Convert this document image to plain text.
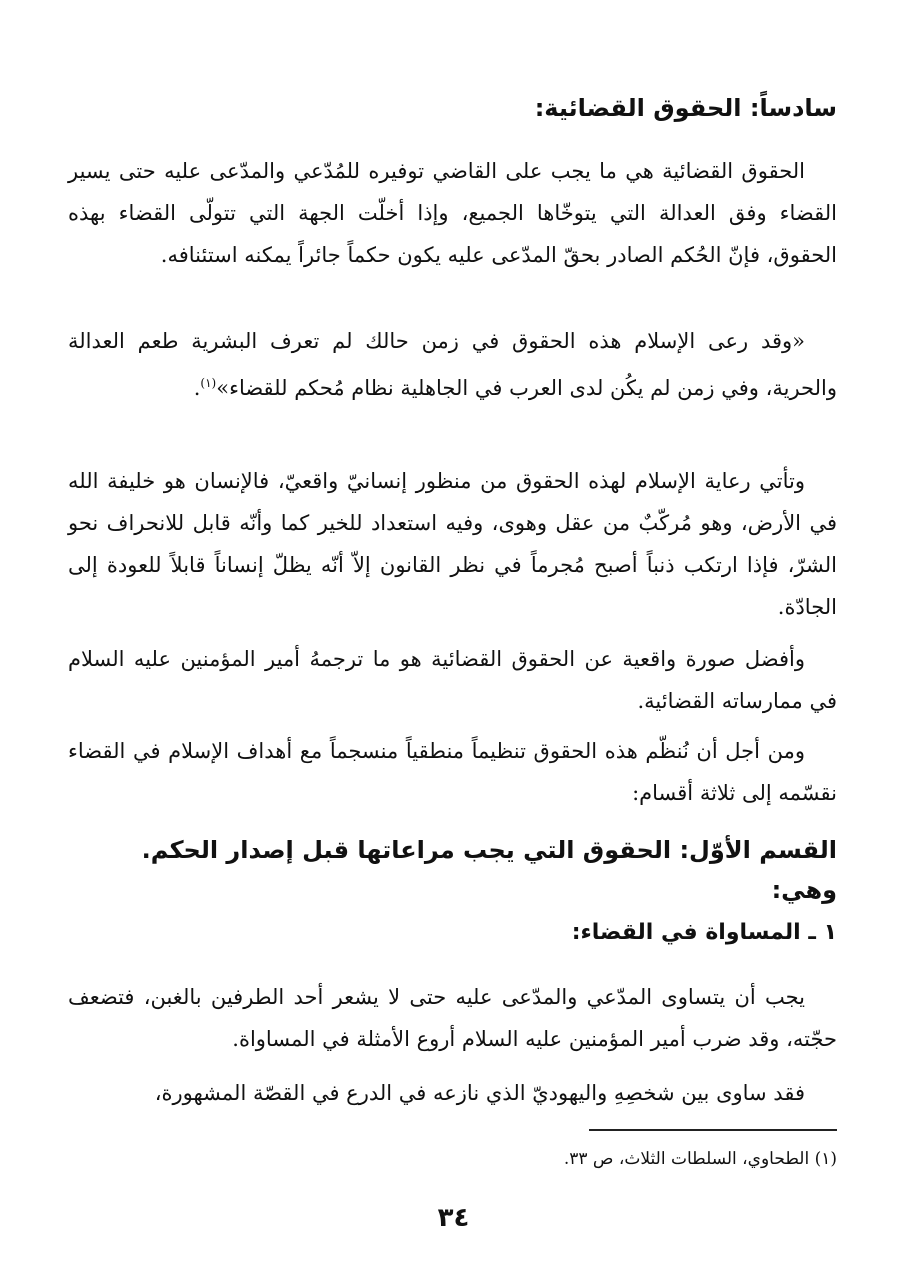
سادساً: الحقوق القضائية:

الحقوق القضائية هي ما يجب على القاضي توفيره للمُدّعي والمدّعى عليه حتى يسير القضاء وفق العدالة التي يتوخّاها الجميع، وإذا أخلّت الجهة التي تتولّى القضاء بهذه الحقوق، فإنّ الحُكم الصادر بحقّ المدّعى عليه يكون حكماً جائراً يمكنه استئنافه.

«وقد رعى الإسلام هذه الحقوق في زمن حالك لم تعرف البشرية طعم العدالة والحرية، وفي زمن لم يكُن لدى العرب في الجاهلية نظام مُحكم للقضاء»$^{(١)}$.

وتأتي رعاية الإسلام لهذه الحقوق من منظور إنسانيّ واقعيّ، فالإنسان هو خليفة الله في الأرض، وهو مُركّبٌ من عقل وهوى، وفيه استعداد للخير كما وأنّه قابل للانحراف نحو الشرّ، فإذا ارتكب ذنباً أصبح مُجرماً في نظر القانون إلاّ أنّه يظلّ إنساناً قابلاً للعودة إلى الجادّة.

وأفضل صورة واقعية عن الحقوق القضائية هو ما ترجمهُ أمير المؤمنين عليه السلام في ممارساته القضائية.

ومن أجل أن نُنظّم هذه الحقوق تنظيماً منطقياً منسجماً مع أهداف الإسلام في القضاء نقسّمه إلى ثلاثة أقسام:

القسم الأوّل: الحقوق التي يجب مراعاتها قبل إصدار الحكم. وهي:
١ ـ المساواة في القضاء:

يجب أن يتساوى المدّعي والمدّعى عليه حتى لا يشعر أحد الطرفين بالغبن، فتضعف حجّته، وقد ضرب أمير المؤمنين عليه السلام أروع الأمثلة في المساواة.

فقد ساوى بين شخصِهِ واليهوديّ الذي نازعه في الدرع في القصّة المشهورة،

(١) الطحاوي، السلطات الثلاث، ص ٣٣.
٣٤
